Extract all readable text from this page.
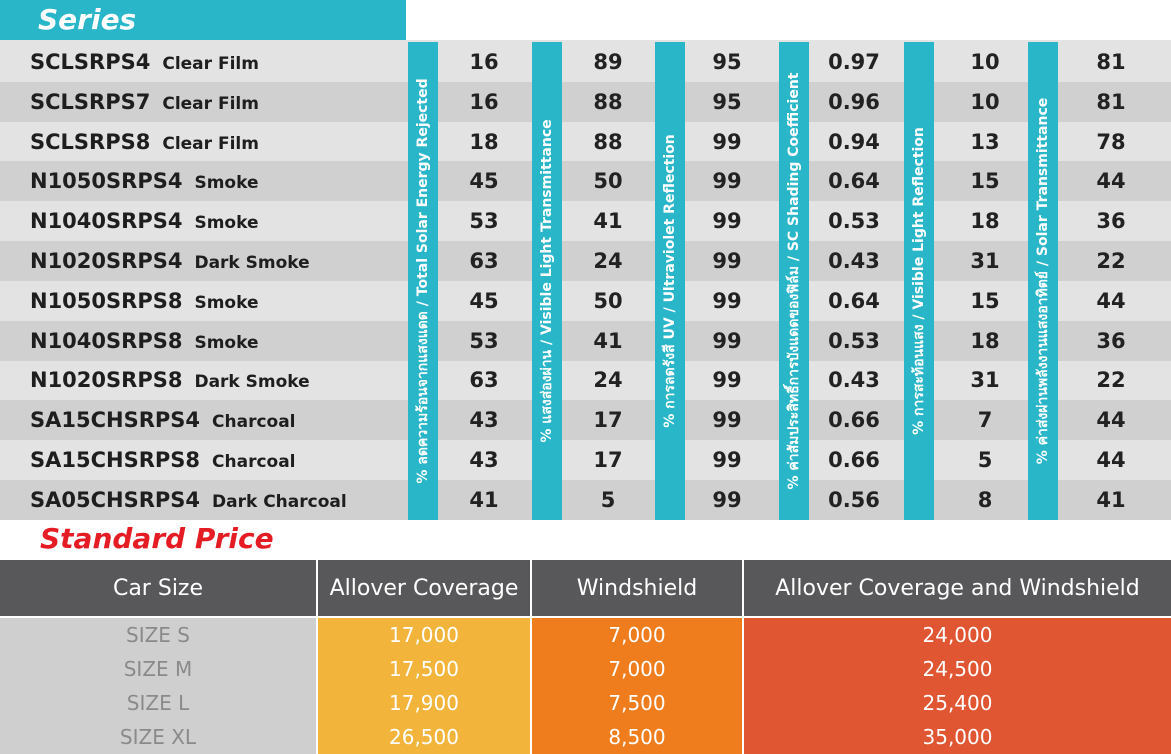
Series
SCLSRPS4 Clear Film	16	89	95	0.97	10	81
SCLSRPS7 Clear Film	16	88	95	0.96	10	81
SCLSRPS8 Clear Film	18	88	99	0.94	13	78
N1050SRPS4 Smoke	45	50	99	0.64	15	44
N1040SRPS4 Smoke	53	41	99	0.53	18	36
N1020SRPS4 Dark Smoke	63	24	99	0.43	31	22
N1050SRPS8 Smoke	45	50	99	0.64	15	44
N1040SRPS8 Smoke	53	41	99	0.53	18	36
N1020SRPS8 Dark Smoke	63	24	99	0.43	31	22
SA15CHSRPS4 Charcoal	43	17	99	0.66	7	44
SA15CHSRPS8 Charcoal	43	17	99	0.66	5	44
SA05CHSRPS4 Dark Charcoal	41	5	99	0.56	8	41
% ลดความร้อนจากแสงแดด / Total Solar Energy Rejected	% แสงส่องผ่าน / Visible Light Transmittance	% การลดรังสี UV / Ultraviolet Reflection	% ค่าสัมประสิทธิ์การบังแดดของฟิล์ม / SC Shading Coefficient	% การสะท้อนแสง / Visible Light Reflection	% ค่าส่งผ่านพลังงานแสงอาทิตย์ / Solar Transmittance
Standard Price
Car Size	Allover Coverage	Windshield	Allover Coverage and Windshield
SIZE S	17,000	7,000	24,000
SIZE M	17,500	7,000	24,500
SIZE L	17,900	7,500	25,400
SIZE XL	26,500	8,500	35,000
